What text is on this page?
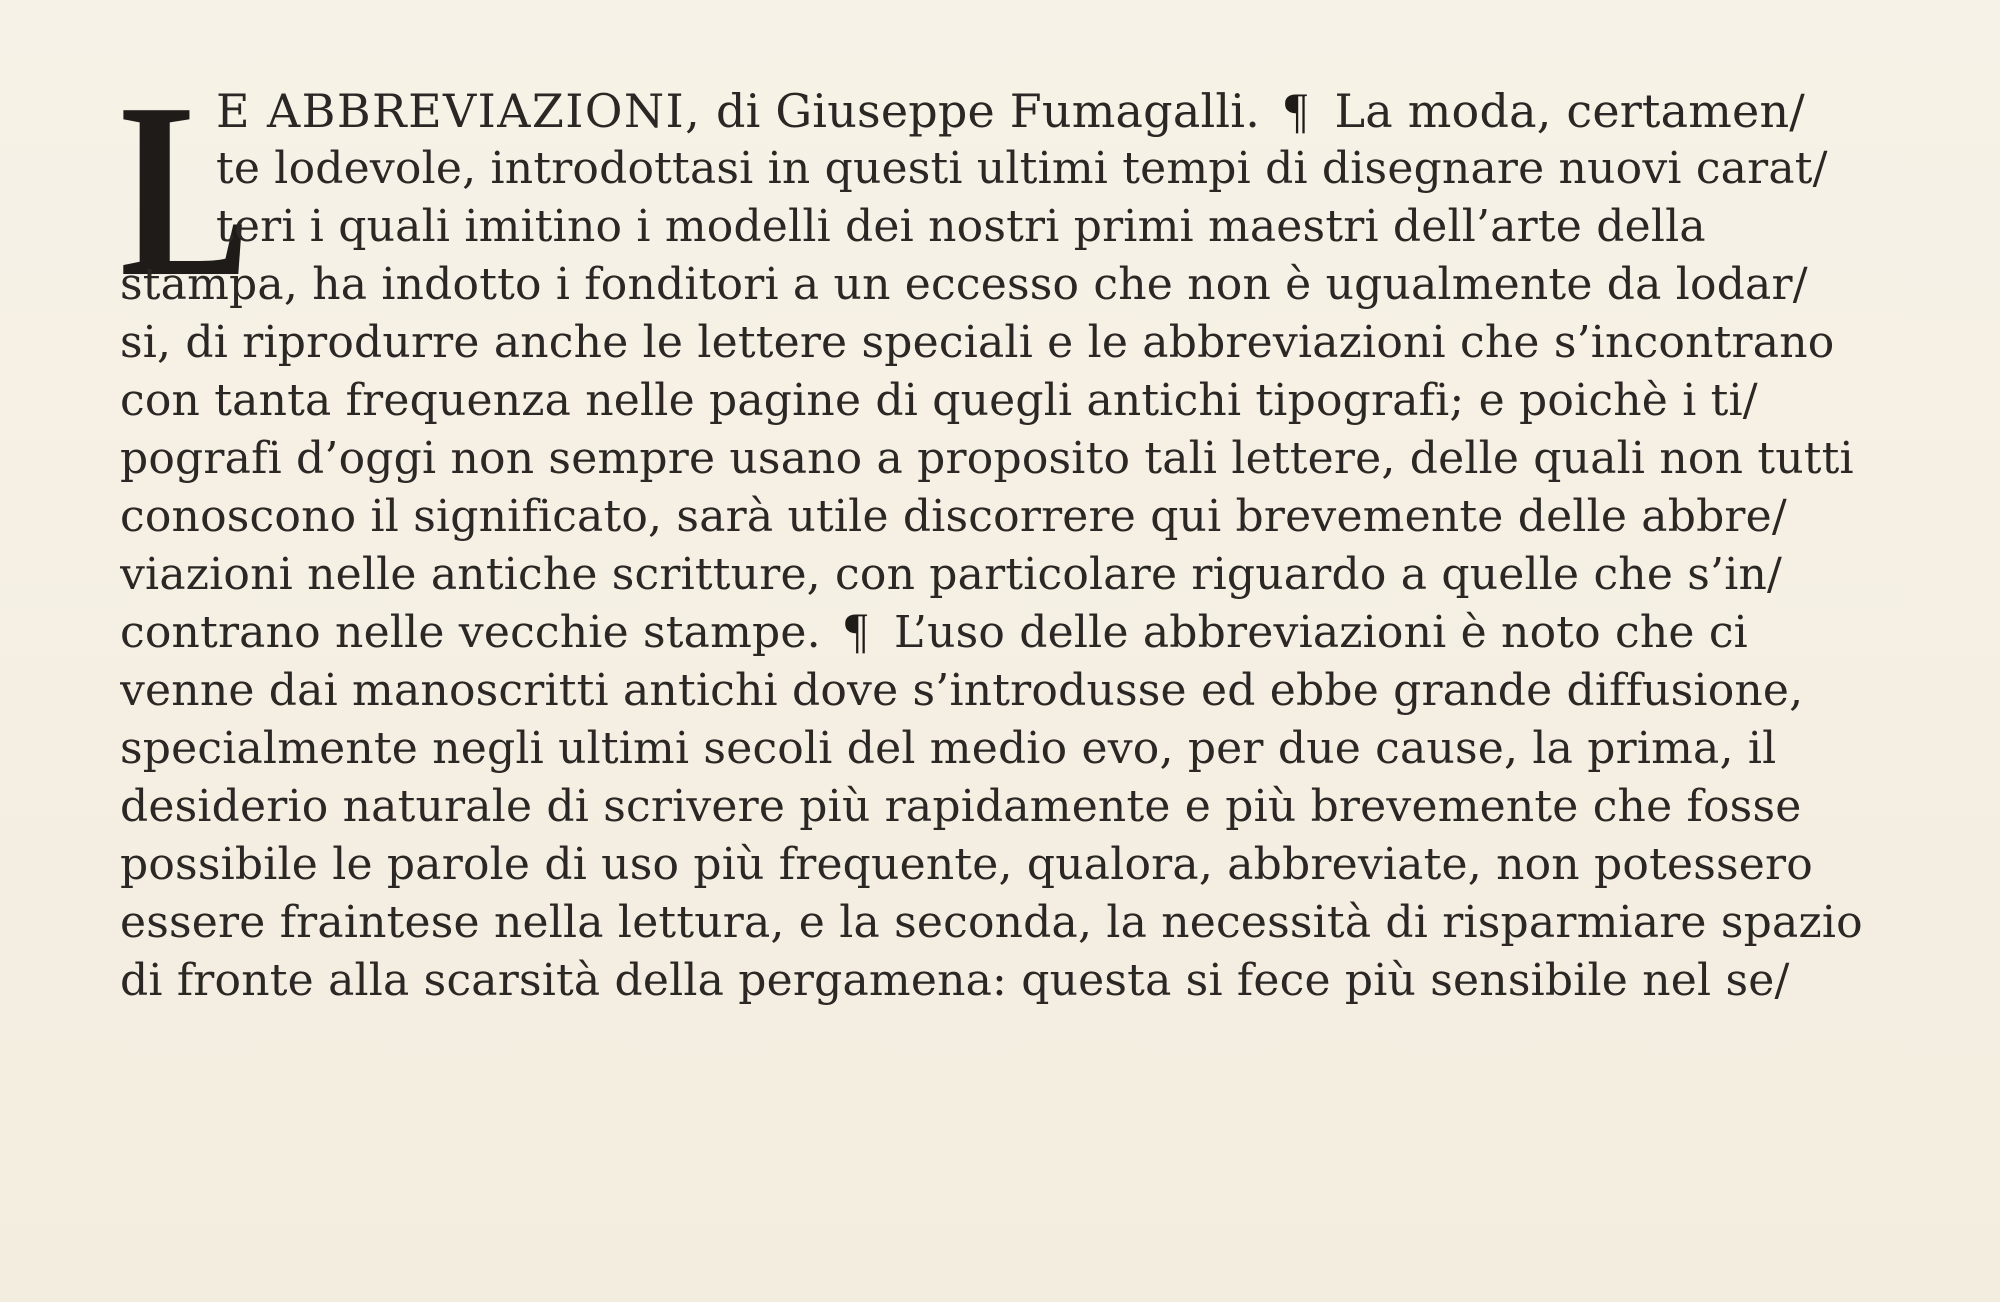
L
E ABBREVIAZIONI, di Giuseppe Fumagalli. ¶ La moda, certamen/
te lodevole, introdottasi in questi ultimi tempi di disegnare nuovi carat/
teri i quali imitino i modelli dei nostri primi maestri dell’arte della
stampa, ha indotto i fonditori a un eccesso che non è ugualmente da lodar/
si, di riprodurre anche le lettere speciali e le abbreviazioni che s’incontrano
con tanta frequenza nelle pagine di quegli antichi tipografi; e poichè i ti/
pografi d’oggi non sempre usano a proposito tali lettere, delle quali non tutti
conoscono il significato, sarà utile discorrere qui brevemente delle abbre/
viazioni nelle antiche scritture, con particolare riguardo a quelle che s’in/
contrano nelle vecchie stampe. ¶ L’uso delle abbreviazioni è noto che ci
venne dai manoscritti antichi dove s’introdusse ed ebbe grande diffusione,
specialmente negli ultimi secoli del medio evo, per due cause, la prima, il
desiderio naturale di scrivere più rapidamente e più brevemente che fosse
possibile le parole di uso più frequente, qualora, abbreviate, non potessero
essere fraintese nella lettura, e la seconda, la necessità di risparmiare spazio
di fronte alla scarsità della pergamena: questa si fece più sensibile nel se/
